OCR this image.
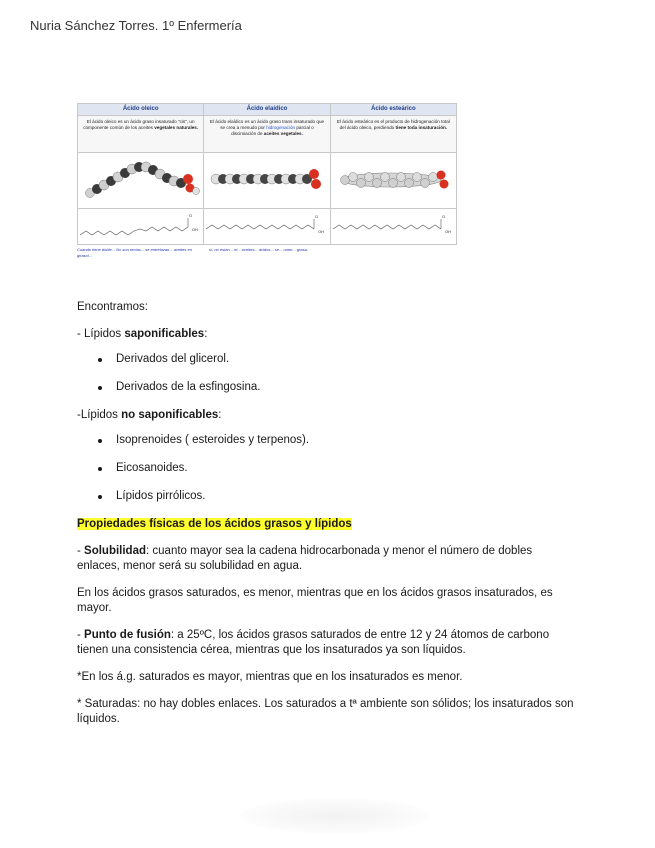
Nuria Sánchez Torres. 1º Enfermería
Ácido oleico	Ácido elaídico	Ácido esteárico
El ácido oleico es un ácido graso insaturado "cis", un componente común de los aceites vegetales naturales.	El ácido elaídico es un ácido graso trans insaturado que se crea a menudo por hidrogenación parcial o discimiación de aceites vegetales.	El ácido esteárico es el producto de hidrogenación total del ácido oleico, perdiendo tiene toda insaturación.

O
OH	O
OH	O
OH
Cuando tiene doble... No son rectas... se entrelazan... aceites en girasol...
sí, no están... el... aceites... ácidos... se... unen... grasa.

Encontramos:

- Lípidos saponificables:

Derivados del glicerol.
Derivados de la esfingosina.

-Lípidos no saponificables:

Isoprenoides ( esteroides y terpenos).
Eicosanoides.
Lípidos pirrólicos.

Propiedades físicas de los ácidos grasos y lípidos

- Solubilidad: cuanto mayor sea la cadena hidrocarbonada y menor el número de dobles enlaces, menor será su solubilidad en agua.

En los ácidos grasos saturados, es menor, mientras que en los ácidos grasos insaturados, es mayor.

- Punto de fusión: a 25ºC, los ácidos grasos saturados de entre 12 y 24 átomos de carbono tienen una consistencia cérea, mientras que los insaturados ya son líquidos.

*En los á.g. saturados es mayor, mientras que en los insaturados es menor.

* Saturadas: no hay dobles enlaces. Los saturados a tª ambiente son sólidos; los insaturados son líquidos.
